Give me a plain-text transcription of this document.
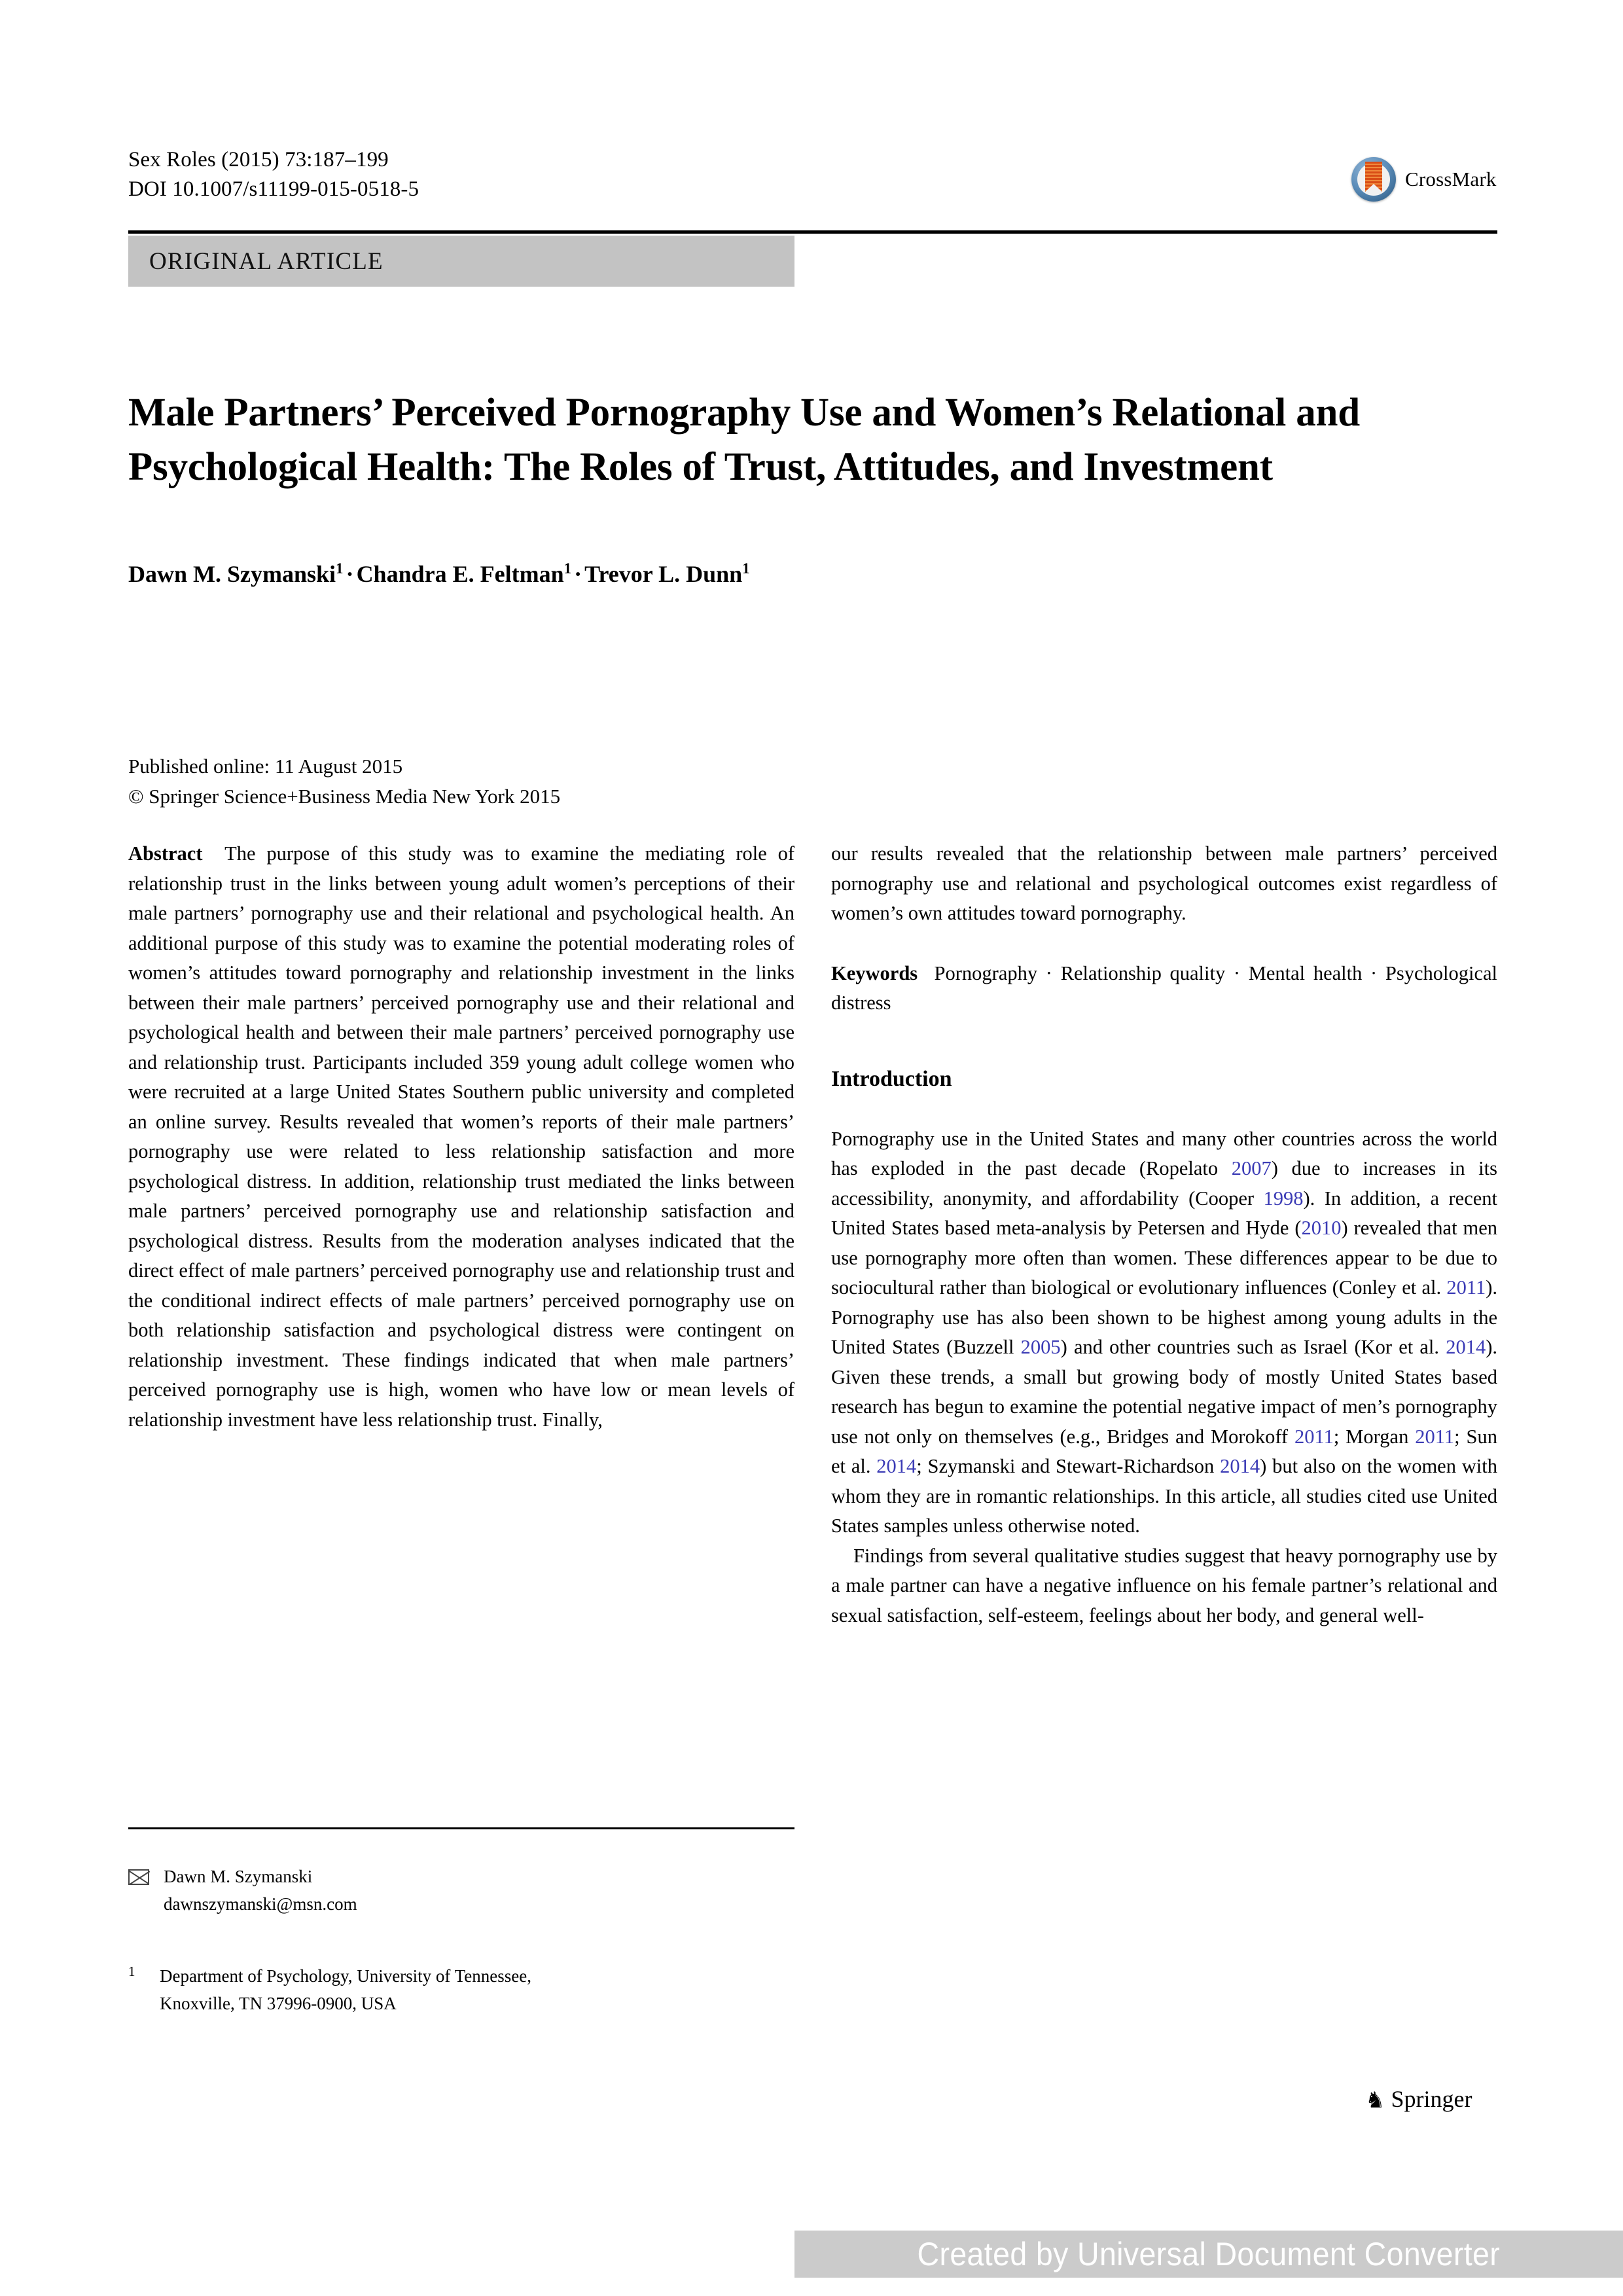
Sex Roles (2015) 73:187–199
DOI 10.1007/s11199-015-0518-5	CrossMark
ORIGINAL ARTICLE
Male Partners’ Perceived Pornography Use and Women’s Relational and Psychological Health: The Roles of Trust, Attitudes, and Investment
Dawn M. Szymanski$^1$ · Chandra E. Feltman$^1$ · Trevor L. Dunn$^1$
Published online: 11 August 2015
© Springer Science+Business Media New York 2015

Abstract The purpose of this study was to examine the mediating role of relationship trust in the links between young adult women’s perceptions of their male partners’ pornography use and their relational and psychological health. An additional purpose of this study was to examine the potential moderating roles of women’s attitudes toward pornography and relationship investment in the links between their male partners’ perceived pornography use and their relational and psychological health and between their male partners’ perceived pornography use and relationship trust. Participants included 359 young adult college women who were recruited at a large United States Southern public university and completed an online survey. Results revealed that women’s reports of their male partners’ pornography use were related to less relationship satisfaction and more psychological distress. In addition, relationship trust mediated the links between male partners’ perceived pornography use and relationship satisfaction and psychological distress. Results from the moderation analyses indicated that the direct effect of male partners’ perceived pornography use and relationship trust and the conditional indirect effects of male partners’ perceived pornography use on both relationship satisfaction and psychological distress were contingent on relationship investment. These findings indicated that when male partners’ perceived pornography use is high, women who have low or mean levels of relationship investment have less relationship trust. Finally,

our results revealed that the relationship between male partners’ perceived pornography use and relational and psychological outcomes exist regardless of women’s own attitudes toward pornography.

Keywords Pornography · Relationship quality · Mental health · Psychological distress

Introduction

Pornography use in the United States and many other countries across the world has exploded in the past decade (Ropelato 2007) due to increases in its accessibility, anonymity, and affordability (Cooper 1998). In addition, a recent United States based meta-analysis by Petersen and Hyde (2010) revealed that men use pornography more often than women. These differences appear to be due to sociocultural rather than biological or evolutionary influences (Conley et al. 2011). Pornography use has also been shown to be highest among young adults in the United States (Buzzell 2005) and other countries such as Israel (Kor et al. 2014). Given these trends, a small but growing body of mostly United States based research has begun to examine the potential negative impact of men’s pornography use not only on themselves (e.g., Bridges and Morokoff 2011; Morgan 2011; Sun et al. 2014; Szymanski and Stewart-Richardson 2014) but also on the women with whom they are in romantic relationships. In this article, all studies cited use United States samples unless otherwise noted.

Findings from several qualitative studies suggest that heavy pornography use by a male partner can have a negative influence on his female partner’s relational and sexual satisfaction, self-esteem, feelings about her body, and general well-

Dawn M. Szymanski
dawnszymanski@msn.com
1	Department of Psychology, University of Tennessee,
Knoxville, TN 37996-0900, USA
♞ Springer
Created by Universal Document Converter
